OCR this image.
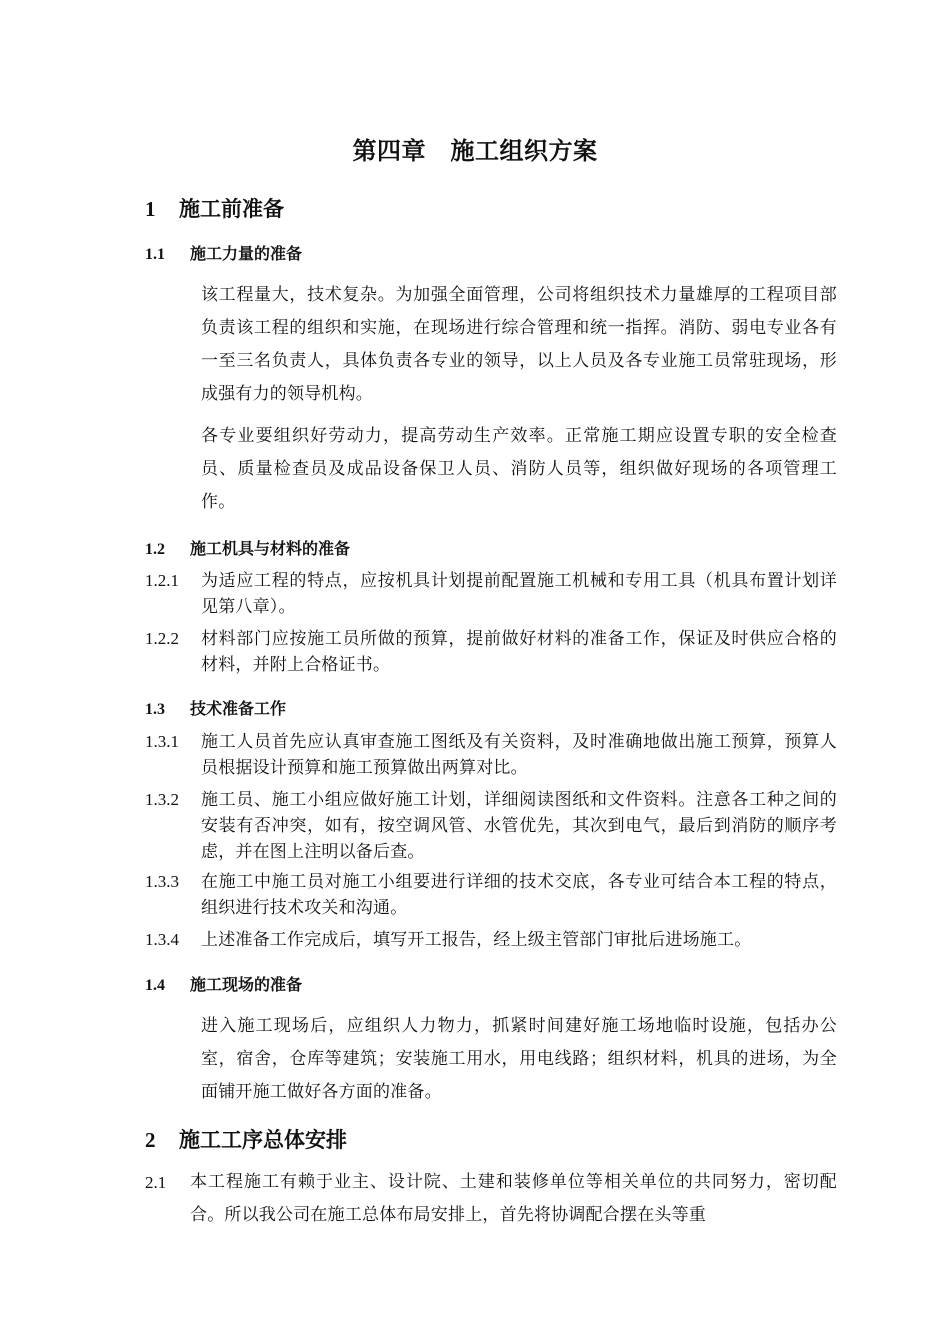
第四章　施工组织方案
1 施工前准备
1.1 施工力量的准备
该工程量大，技术复杂。为加强全面管理，公司将组织技术力量雄厚的工程项目部负责该工程的组织和实施，在现场进行综合管理和统一指挥。消防、弱电专业各有一至三名负责人，具体负责各专业的领导，以上人员及各专业施工员常驻现场，形成强有力的领导机构。
各专业要组织好劳动力，提高劳动生产效率。正常施工期应设置专职的安全检查员、质量检查员及成品设备保卫人员、消防人员等，组织做好现场的各项管理工作。
1.2 施工机具与材料的准备
1.2.1	为适应工程的特点，应按机具计划提前配置施工机械和专用工具（机具布置计划详见第八章）。
1.2.2	材料部门应按施工员所做的预算，提前做好材料的准备工作，保证及时供应合格的材料，并附上合格证书。
1.3 技术准备工作
1.3.1	施工人员首先应认真审查施工图纸及有关资料，及时准确地做出施工预算，预算人员根据设计预算和施工预算做出两算对比。
1.3.2	施工员、施工小组应做好施工计划，详细阅读图纸和文件资料。注意各工种之间的安装有否冲突，如有，按空调风管、水管优先，其次到电气，最后到消防的顺序考虑，并在图上注明以备后查。
1.3.3	在施工中施工员对施工小组要进行详细的技术交底，各专业可结合本工程的特点，组织进行技术攻关和沟通。
1.3.4	上述准备工作完成后，填写开工报告，经上级主管部门审批后进场施工。
1.4 施工现场的准备
进入施工现场后，应组织人力物力，抓紧时间建好施工场地临时设施，包括办公室，宿舍，仓库等建筑；安装施工用水，用电线路；组织材料，机具的进场，为全面铺开施工做好各方面的准备。
2 施工工序总体安排
2.1	本工程施工有赖于业主、设计院、土建和装修单位等相关单位的共同努力，密切配合。所以我公司在施工总体布局安排上，首先将协调配合摆在头等重
